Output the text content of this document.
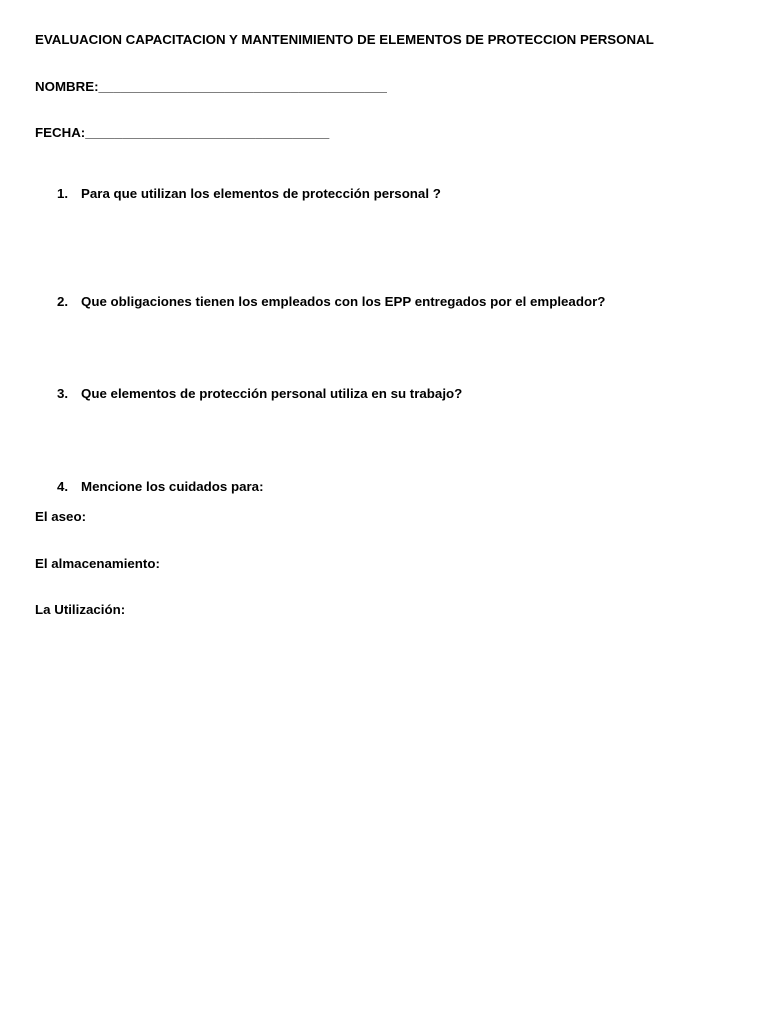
EVALUACION CAPACITACION Y MANTENIMIENTO DE ELEMENTOS DE PROTECCION PERSONAL
NOMBRE:_______________________________________
FECHA:_________________________________
1. Para que utilizan los elementos de protección personal ?
2. Que obligaciones tienen los empleados con los EPP entregados por el empleador?
3. Que elementos de protección personal utiliza en su trabajo?
4. Mencione los cuidados para:
El aseo:
El almacenamiento:
La Utilización:
